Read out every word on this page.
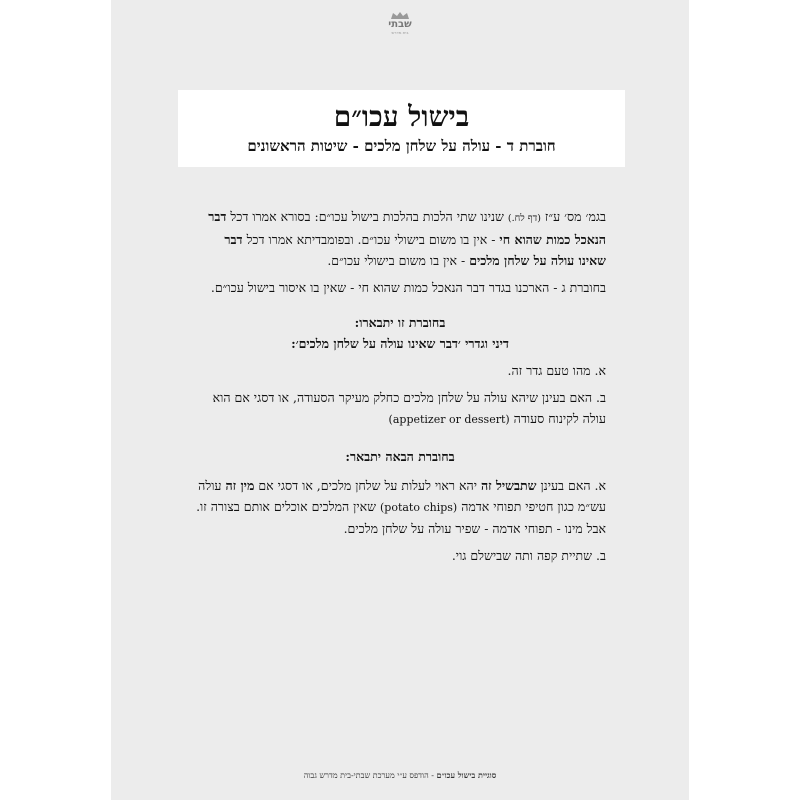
שבתי
בית מדרש
בישול עכו״ם
חוברת ד - עולה על שלחן מלכים - שיטות הראשונים

בגמ׳ מס׳ ע״ז (דף לח.) שנינו שתי הלכות בהלכות בישול עכו״ם: בסורא אמרו דכל דבר הנאכל כמות שהוא חי - אין בו משום בישולי עכו״ם. ובפומבדיתא אמרו דכל דבר שאינו עולה על שלחן מלכים - אין בו משום בישולי עכו״ם.

בחוברת ג - הארכנו בגדר דבר הנאכל כמות שהוא חי - שאין בו איסור בישול עכו״ם.

בחוברת זו יתבארו:

דיני וגדרי ׳דבר שאינו עולה על שלחן מלכים׳:

א. מהו טעם גדר זה.

ב. האם בעינן שיהא עולה על שלחן מלכים כחלק מעיקר הסעודה, או דסגי אם הוא עולה לקינוח סעודה (appetizer or dessert)

בחוברת הבאה יתבאר:

א. האם בעינן שתבשיל זה יהא ראוי לעלות על שלחן מלכים, או דסגי אם מין זה עולה עש״מ כגון חטיפי תפוחי אדמה (potato chips) שאין המלכים אוכלים אותם בצורה זו. אבל מינו - תפוחי אדמה - שפיר עולה על שלחן מלכים.

ב. שתיית קפה ותה שבישלם גוי.

סוגיית בישול עכו״ם - הודפס ע״י מערכת שבתי-בית מדרש גבוה
